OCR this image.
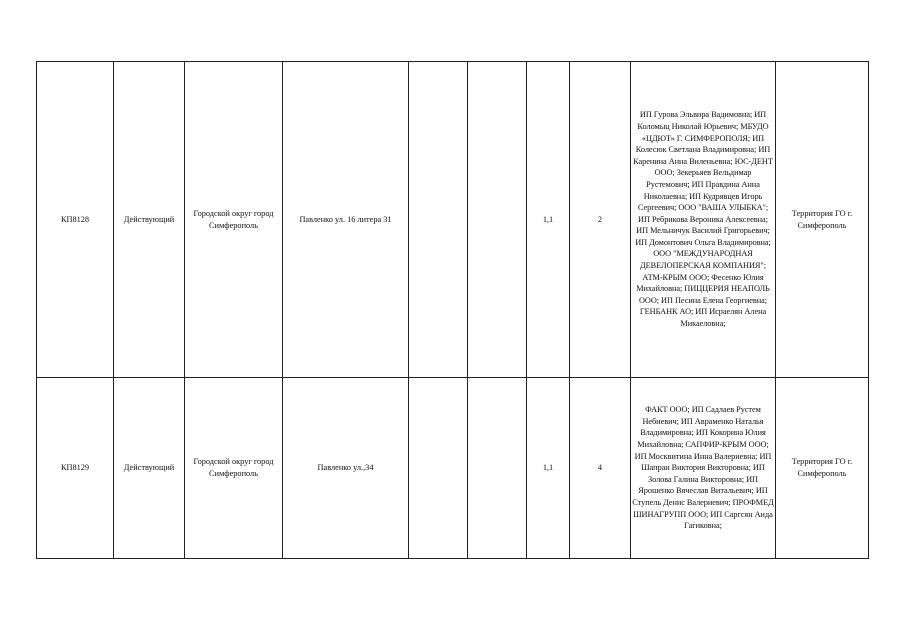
КП8128	Действующий	Городской округ город Симферополь	Павленко ул. 16 литера 31			1,1	2	ИП Гурова Эльвира Вадимовна; ИП Коломыц Николай Юрьевич; МБУДО «ЦДЮТ» Г. СИМФЕРОПОЛЯ; ИП Колесюк Светлана Владимировна; ИП Каренина Анна Виленьевна; ЮС-ДЕНТ ООО; Зекерьяев Вельдимар Рустемович; ИП Правдина Анна Николаевна; ИП Кудрявцев Игорь Сергеевич; ООО "ВАША УЛЫБКА"; ИП Ребрикова Вероника Алексеевна; ИП Мельничук Василий Григорьевич; ИП Домонтович Ольга Владимировна; ООО "МЕЖДУНАРОДНАЯ ДЕВЕЛОПЕРСКАЯ КОМПАНИЯ"; АТМ-КРЫМ ООО; Фесенко Юлия Михайловна; ПИЦЦЕРИЯ НЕАПОЛЬ ООО; ИП Песина Елена Георгиевна; ГЕНБАНК АО; ИП Исраелян Алена Микаеловна;	Территория ГО г. Симферополь
КП8129	Действующий	Городской округ город Симферополь	Павленко ул.,34			1,1	4	ФАКТ ООО; ИП Садлаев Рустем Небиевич; ИП Авраменко Наталья Владимировна; ИП Кокорина Юлия Михайловна; САПФИР-КРЫМ ООО; ИП Москвитина Инна Валериевна; ИП Шапран Виктория Викторовна; ИП Золова Галина Викторовна; ИП Ярошенко Вячеслав Витальевич; ИП Ступель Денис Валериевич; ПРОФМЕД ШИНАГРУПП ООО; ИП Саргсян Аида Гагиковна;	Территория ГО г. Симферополь
